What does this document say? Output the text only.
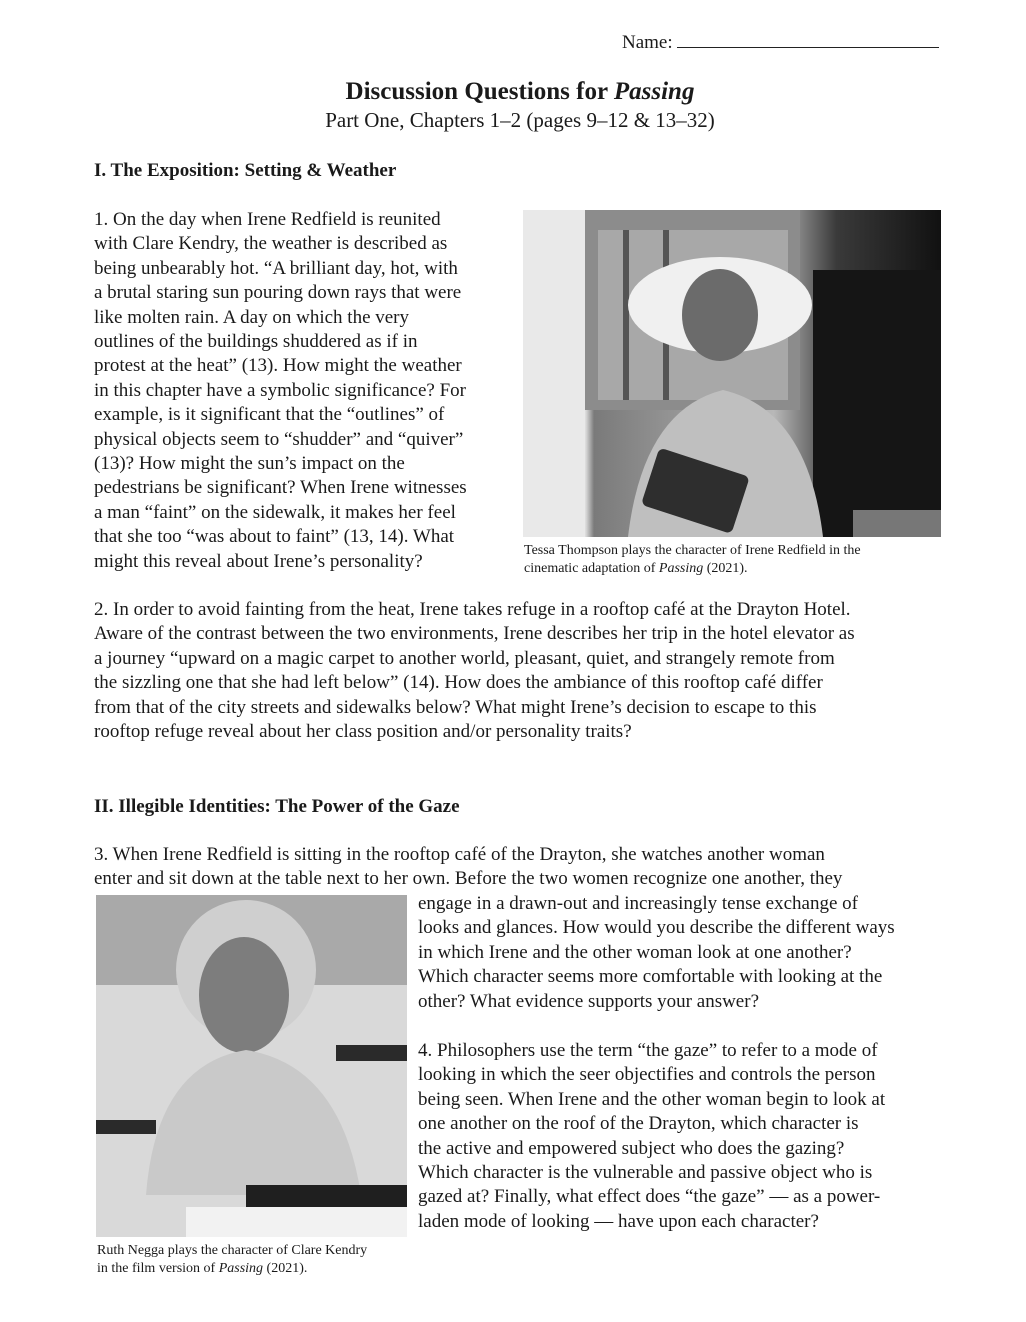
Name:
Discussion Questions for Passing
Part One, Chapters 1–2 (pages 9–12 & 13–32)
I. The Exposition: Setting & Weather
1. On the day when Irene Redfield is reunited
with Clare Kendry, the weather is described as
being unbearably hot. “A brilliant day, hot, with
a brutal staring sun pouring down rays that were
like molten rain. A day on which the very
outlines of the buildings shuddered as if in
protest at the heat” (13). How might the weather
in this chapter have a symbolic significance? For
example, is it significant that the “outlines” of
physical objects seem to “shudder” and “quiver”
(13)? How might the sun’s impact on the
pedestrians be significant? When Irene witnesses
a man “faint” on the sidewalk, it makes her feel
that she too “was about to faint” (13, 14). What
might this reveal about Irene’s personality?
Tessa Thompson plays the character of Irene Redfield in the
cinematic adaptation of Passing (2021).
2. In order to avoid fainting from the heat, Irene takes refuge in a rooftop café at the Drayton Hotel.
Aware of the contrast between the two environments, Irene describes her trip in the hotel elevator as
a journey “upward on a magic carpet to another world, pleasant, quiet, and strangely remote from
the sizzling one that she had left below” (14). How does the ambiance of this rooftop café differ
from that of the city streets and sidewalks below? What might Irene’s decision to escape to this
rooftop refuge reveal about her class position and/or personality traits?
II. Illegible Identities: The Power of the Gaze
3. When Irene Redfield is sitting in the rooftop café of the Drayton, she watches another woman
enter and sit down at the table next to her own. Before the two women recognize one another, they
engage in a drawn-out and increasingly tense exchange of
looks and glances. How would you describe the different ways
in which Irene and the other woman look at one another?
Which character seems more comfortable with looking at the
other? What evidence supports your answer?
4. Philosophers use the term “the gaze” to refer to a mode of
looking in which the seer objectifies and controls the person
being seen. When Irene and the other woman begin to look at
one another on the roof of the Drayton, which character is
the active and empowered subject who does the gazing?
Which character is the vulnerable and passive object who is
gazed at? Finally, what effect does “the gaze” — as a power-
laden mode of looking — have upon each character?
Ruth Negga plays the character of Clare Kendry
in the film version of Passing (2021).
